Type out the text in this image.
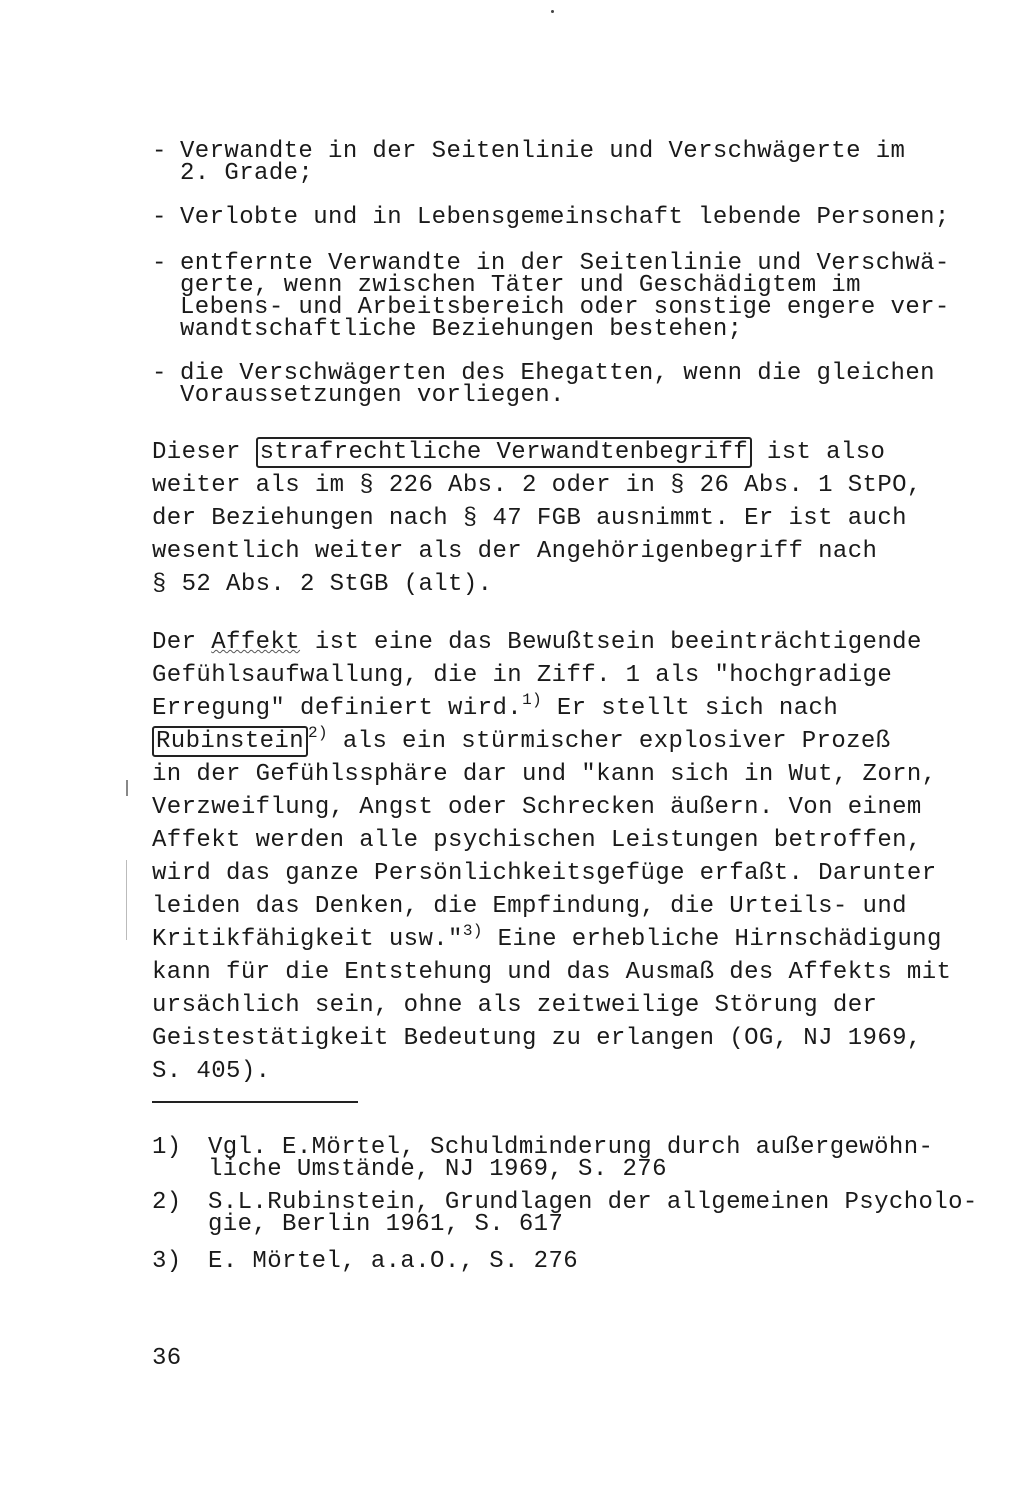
- Verwandte in der Seitenlinie und Verschwägerte im
2. Grade;
- Verlobte und in Lebensgemeinschaft lebende Personen;
- entfernte Verwandte in der Seitenlinie und Verschwä-
gerte, wenn zwischen Täter und Geschädigtem im
Lebens- und Arbeitsbereich oder sonstige engere ver-
wandtschaftliche Beziehungen bestehen;
- die Verschwägerten des Ehegatten, wenn die gleichen
Voraussetzungen vorliegen.
Dieser strafrechtliche Verwandtenbegriff ist also
weiter als im § 226 Abs. 2 oder in § 26 Abs. 1 StPO,
der Beziehungen nach § 47 FGB ausnimmt. Er ist auch
wesentlich weiter als der Angehörigenbegriff nach
§ 52 Abs. 2 StGB (alt).
Der Affekt ist eine das Bewußtsein beeinträchtigende
Gefühlsaufwallung, die in Ziff. 1 als "hochgradige
Erregung" definiert wird.$^{1)}$ Er stellt sich nach
Rubinstein $^{2)}$ als ein stürmischer explosiver Prozeß
in der Gefühlssphäre dar und "kann sich in Wut, Zorn,
Verzweiflung, Angst oder Schrecken äußern. Von einem
Affekt werden alle psychischen Leistungen betroffen,
wird das ganze Persönlichkeitsgefüge erfaßt. Darunter
leiden das Denken, die Empfindung, die Urteils- und
Kritikfähigkeit usw."$^{3)}$ Eine erhebliche Hirnschädigung
kann für die Entstehung und das Ausmaß des Affekts mit
ursächlich sein, ohne als zeitweilige Störung der
Geistestätigkeit Bedeutung zu erlangen (OG, NJ 1969,
S. 405).
1)	Vgl. E.Mörtel, Schuldminderung durch außergewöhn-
liche Umstände, NJ 1969, S. 276
2)	S.L.Rubinstein, Grundlagen der allgemeinen Psycholo-
gie, Berlin 1961, S. 617
3)	E. Mörtel, a.a.O., S. 276
36
